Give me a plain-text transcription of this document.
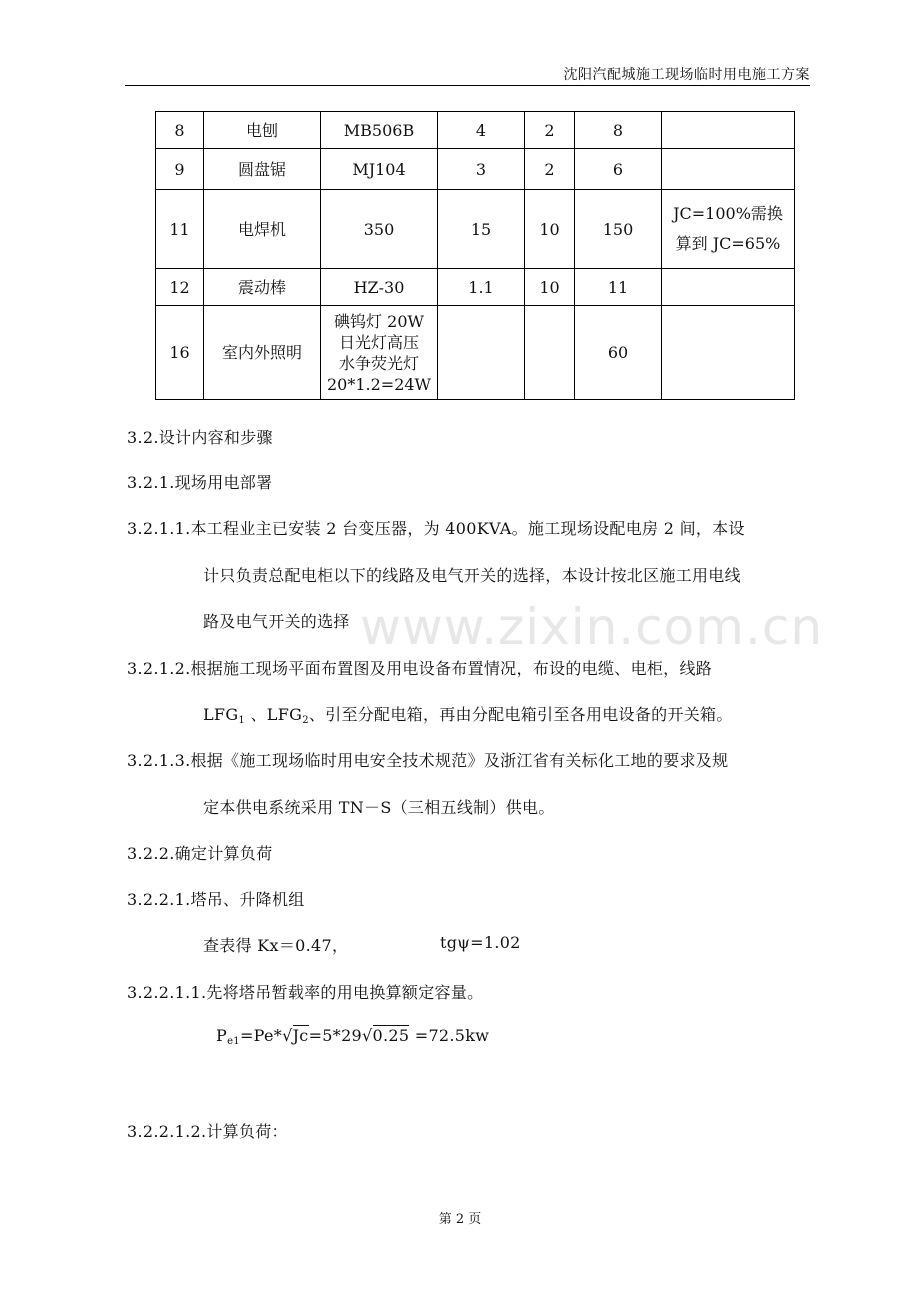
沈阳汽配城施工现场临时用电施工方案
8	电刨	MB506B	4	2	8	
9	圆盘锯	MJ104	3	2	6	
11	电焊机	350	15	10	150	JC=100%需换

算到 JC=65%

12	震动棒	HZ-30	1.1	10	11	
16	室内外照明	碘钨灯 20W

日光灯高压

水争荧光灯

20*1.2=24W			60	
www.zixin.com.cn
3.2.设计内容和步骤
3.2.1.现场用电部署
3.2.1.1.本工程业主已安装 2 台变压器，为 400KVA。施工现场设配电房 2 间，本设
计只负责总配电柜以下的线路及电气开关的选择，本设计按北区施工用电线
路及电气开关的选择
3.2.1.2.根据施工现场平面布置图及用电设备布置情况，布设的电缆、电柜，线路
$LFG_1$ 、$LFG_2$、引至分配电箱，再由分配电箱引至各用电设备的开关箱。
3.2.1.3.根据《施工现场临时用电安全技术规范》及浙江省有关标化工地的要求及规
定本供电系统采用 TN－S（三相五线制）供电。
3.2.2.确定计算负荷
3.2.2.1.塔吊、升降机组
查表得 Kx＝0.47，	tgψ=1.02
3.2.2.1.1.先将塔吊暂载率的用电换算额定容量。
$P_{e1}=Pe*√Jc=5*29√0.25 =72.5kw$
3.2.2.1.2.计算负荷：
第 2 页
